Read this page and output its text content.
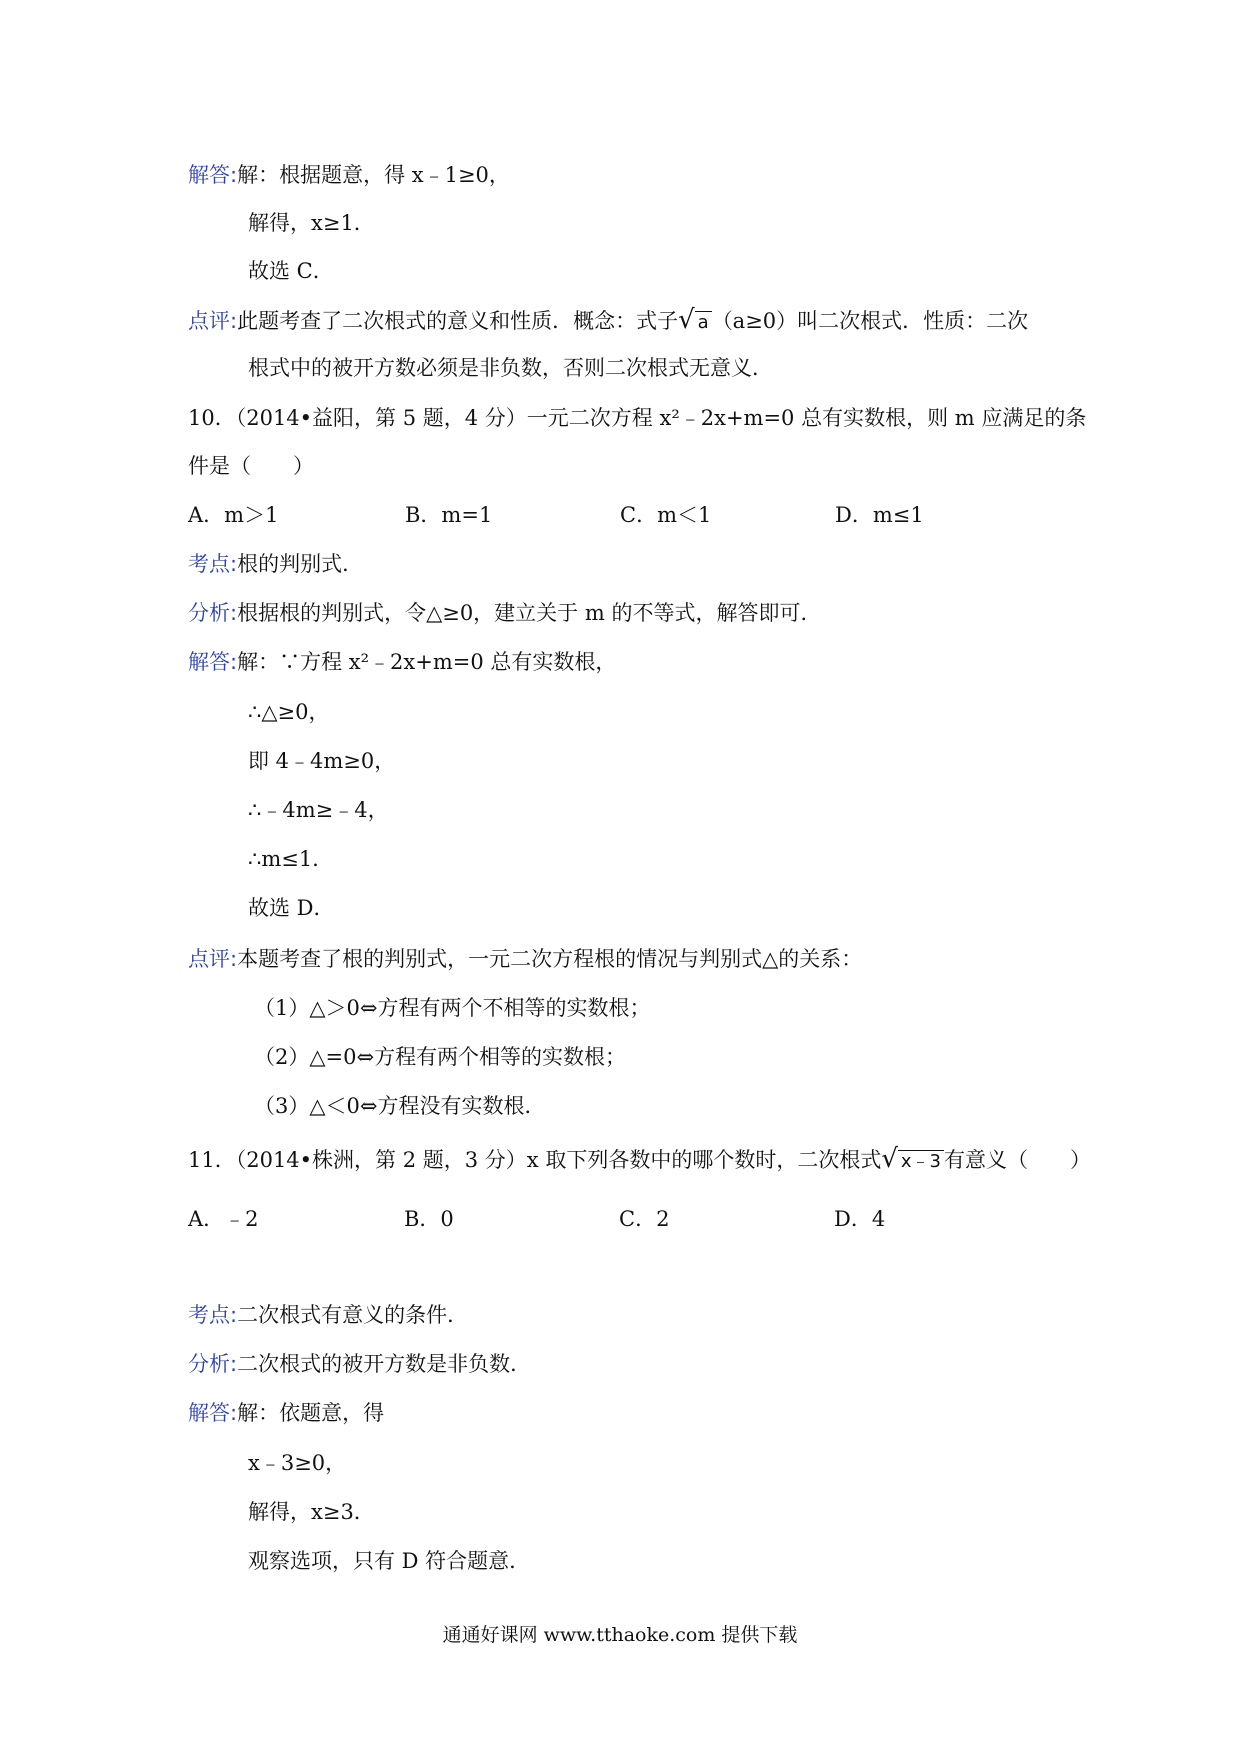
解答:解：根据题意，得 x﹣1≥0，
解得，x≥1．
故选 C．
点评:此题考查了二次根式的意义和性质．概念：式子√ a （a≥0）叫二次根式．性质：二次
根式中的被开方数必须是非负数，否则二次根式无意义．
10．（2014•益阳，第 5 题，4 分）一元二次方程 x²﹣2x+m=0 总有实数根，则 m 应满足的条
件是（　　）
A．m＞1	B．m=1	C．m＜1	D．m≤1
考点:根的判别式．
分析:根据根的判别式，令△≥0，建立关于 m 的不等式，解答即可．
解答:解：∵方程 x²﹣2x+m=0 总有实数根，
∴△≥0，
即 4﹣4m≥0，
∴﹣4m≥﹣4，
∴m≤1．
故选 D．
点评:本题考查了根的判别式，一元二次方程根的情况与判别式△的关系：
（1）△＞0⇔方程有两个不相等的实数根；
（2）△=0⇔方程有两个相等的实数根；
（3）△＜0⇔方程没有实数根．
11．（2014•株洲，第 2 题，3 分）x 取下列各数中的哪个数时，二次根式√ x﹣3 有意义（　　）
A．﹣2	B．0	C．2	D．4
考点:二次根式有意义的条件．
分析:二次根式的被开方数是非负数．
解答:解：依题意，得
x﹣3≥0，
解得，x≥3．
观察选项，只有 D 符合题意．
通通好课网 www.tthaoke.com 提供下载
